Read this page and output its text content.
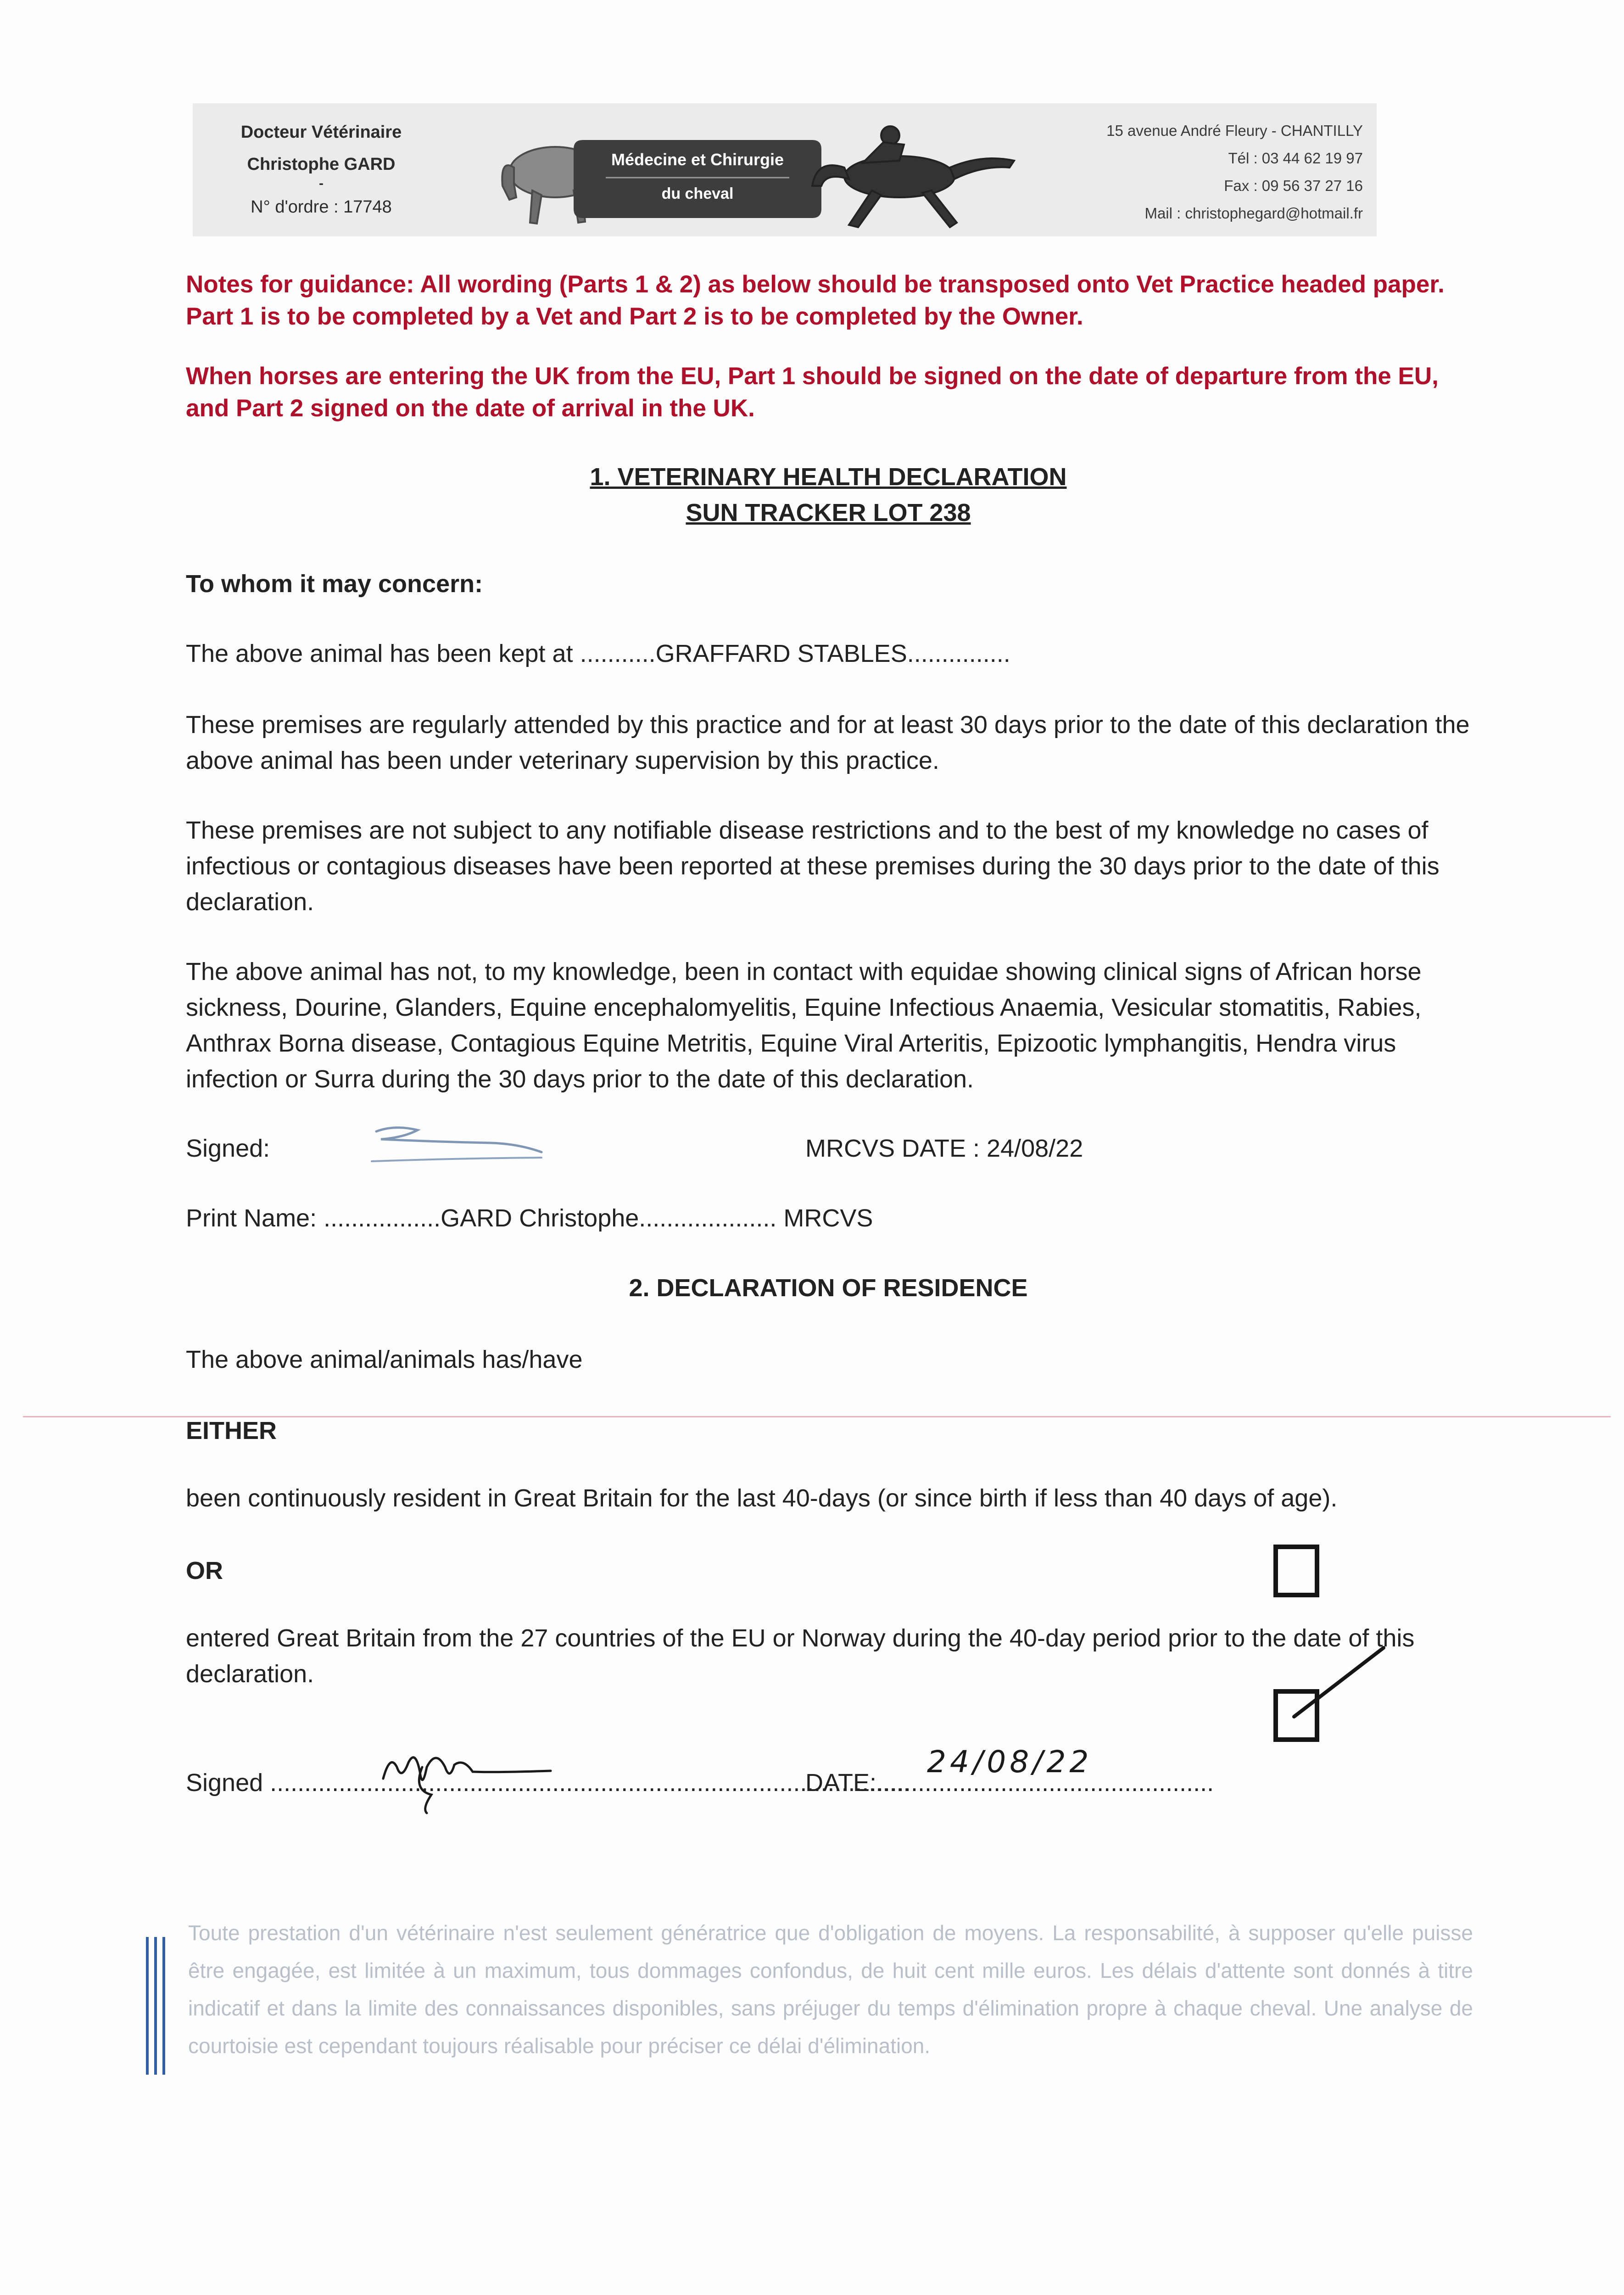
Docteur Vétérinaire
Christophe GARD
-
N° d'ordre : 17748
Médecine et Chirurgie
du cheval
15 avenue André Fleury - CHANTILLY
Tél : 03 44 62 19 97
Fax : 09 56 37 27 16
Mail : christophegard@hotmail.fr
Notes for guidance: All wording (Parts 1 & 2) as below should be transposed onto Vet Practice headed paper. Part 1 is to be completed by a Vet and Part 2 is to be completed by the Owner.
When horses are entering the UK from the EU, Part 1 should be signed on the date of departure from the EU, and Part 2 signed on the date of arrival in the UK.
1. VETERINARY HEALTH DECLARATION
SUN TRACKER LOT 238
To whom it may concern:
The above animal has been kept at ...........GRAFFARD STABLES...............
These premises are regularly attended by this practice and for at least 30 days prior to the date of this declaration the above animal has been under veterinary supervision by this practice.
These premises are not subject to any notifiable disease restrictions and to the best of my knowledge no cases of infectious or contagious diseases have been reported at these premises during the 30 days prior to the date of this declaration.
The above animal has not, to my knowledge, been in contact with equidae showing clinical signs of African horse sickness, Dourine, Glanders, Equine encephalomyelitis, Equine Infectious Anaemia, Vesicular stomatitis, Rabies, Anthrax Borna disease, Contagious Equine Metritis, Equine Viral Arteritis, Epizootic lymphangitis, Hendra virus infection or Surra during the 30 days prior to the date of this declaration.
Signed:	MRCVS DATE : 24/08/22
Print Name: .................GARD Christophe.................... MRCVS
2. DECLARATION OF RESIDENCE
The above animal/animals has/have
EITHER
been continuously resident in Great Britain for the last 40-days (or since birth if less than 40 days of age).
OR
entered Great Britain from the 27 countries of the EU or Norway during the 40-day period prior to the date of this declaration.
Signed .............................................................................................
DATE:.................................................
24/08/22
Toute prestation d'un vétérinaire n'est seulement génératrice que d'obligation de moyens. La responsabilité, à supposer qu'elle puisse être engagée, est limitée à un maximum, tous dommages confondus, de huit cent mille euros. Les délais d'attente sont donnés à titre indicatif et dans la limite des connaissances disponibles, sans préjuger du temps d'élimination propre à chaque cheval. Une analyse de courtoisie est cependant toujours réalisable pour préciser ce délai d'élimination.
